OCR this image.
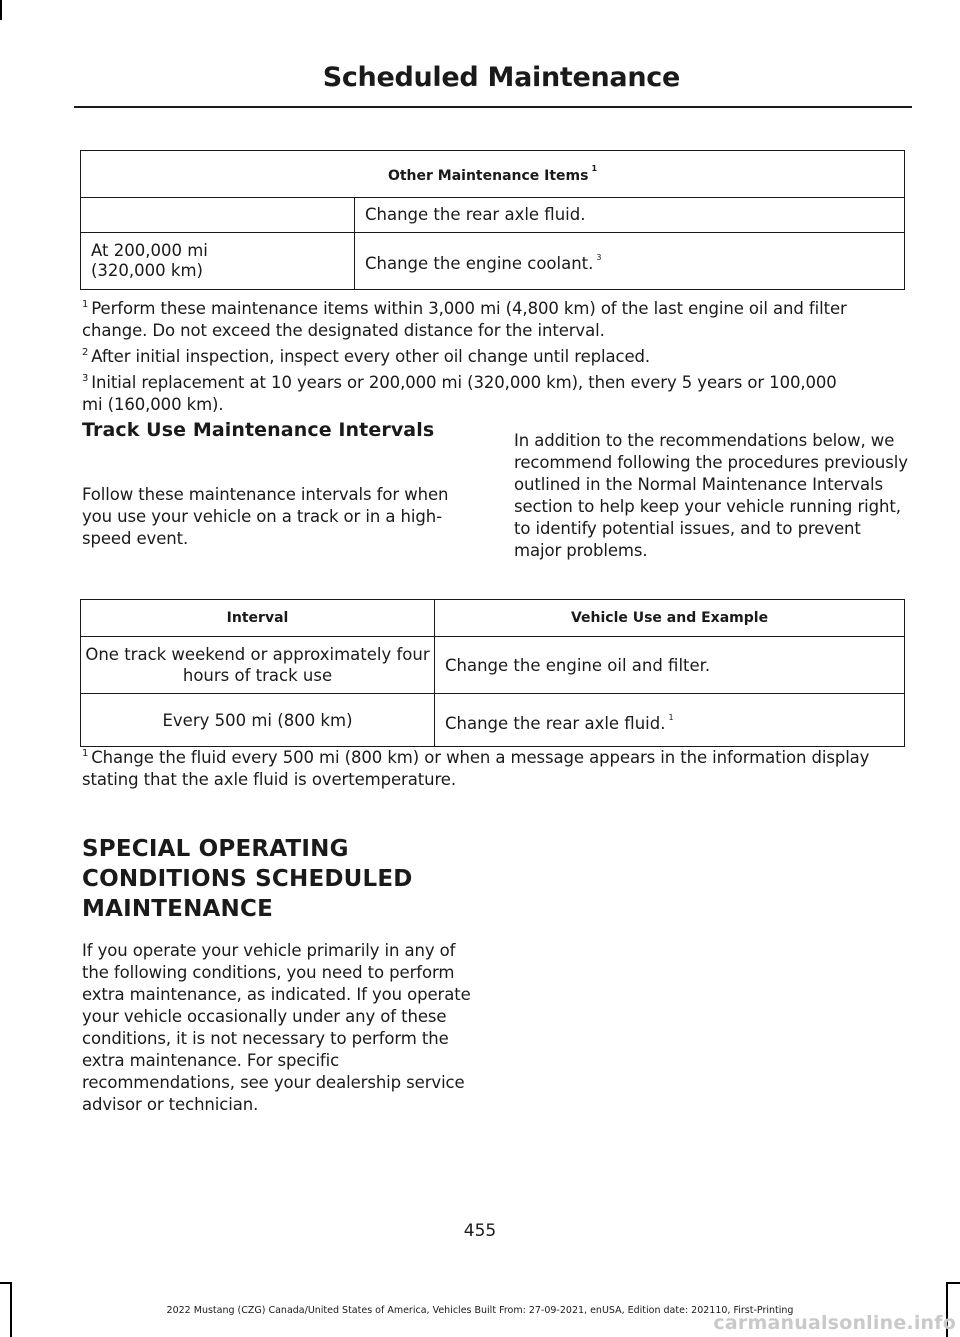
Scheduled Maintenance
Other Maintenance Items $^1$
	Change the rear axle fluid.

At 200,000 mi
(320,000 km)	Change the engine coolant. $^3$
$^1$ Perform these maintenance items within 3,000 mi (4,800 km) of the last engine oil and filter change. Do not exceed the designated distance for the interval.
$^2$ After initial inspection, inspect every other oil change until replaced.
$^3$ Initial replacement at 10 years or 200,000 mi (320,000 km), then every 5 years or 100,000 mi (160,000 km).
Track Use Maintenance Intervals
Follow these maintenance intervals for when you use your vehicle on a track or in a high-speed event.
In addition to the recommendations below, we recommend following the procedures previously outlined in the Normal Maintenance Intervals section to help keep your vehicle running right, to identify potential issues, and to prevent major problems.
Interval	Vehicle Use and Example
One track weekend or approximately four hours of track use	Change the engine oil and filter.
Every 500 mi (800 km)	Change the rear axle fluid. $^1$
$^1$ Change the fluid every 500 mi (800 km) or when a message appears in the information display stating that the axle fluid is overtemperature.
SPECIAL OPERATING CONDITIONS SCHEDULED MAINTENANCE
If you operate your vehicle primarily in any of the following conditions, you need to perform extra maintenance, as indicated. If you operate your vehicle occasionally under any of these conditions, it is not necessary to perform the extra maintenance. For specific recommendations, see your dealership service advisor or technician.
455
2022 Mustang (CZG) Canada/United States of America, Vehicles Built From: 27-09-2021, enUSA, Edition date: 202110, First-Printing
carmanualsonline.info
